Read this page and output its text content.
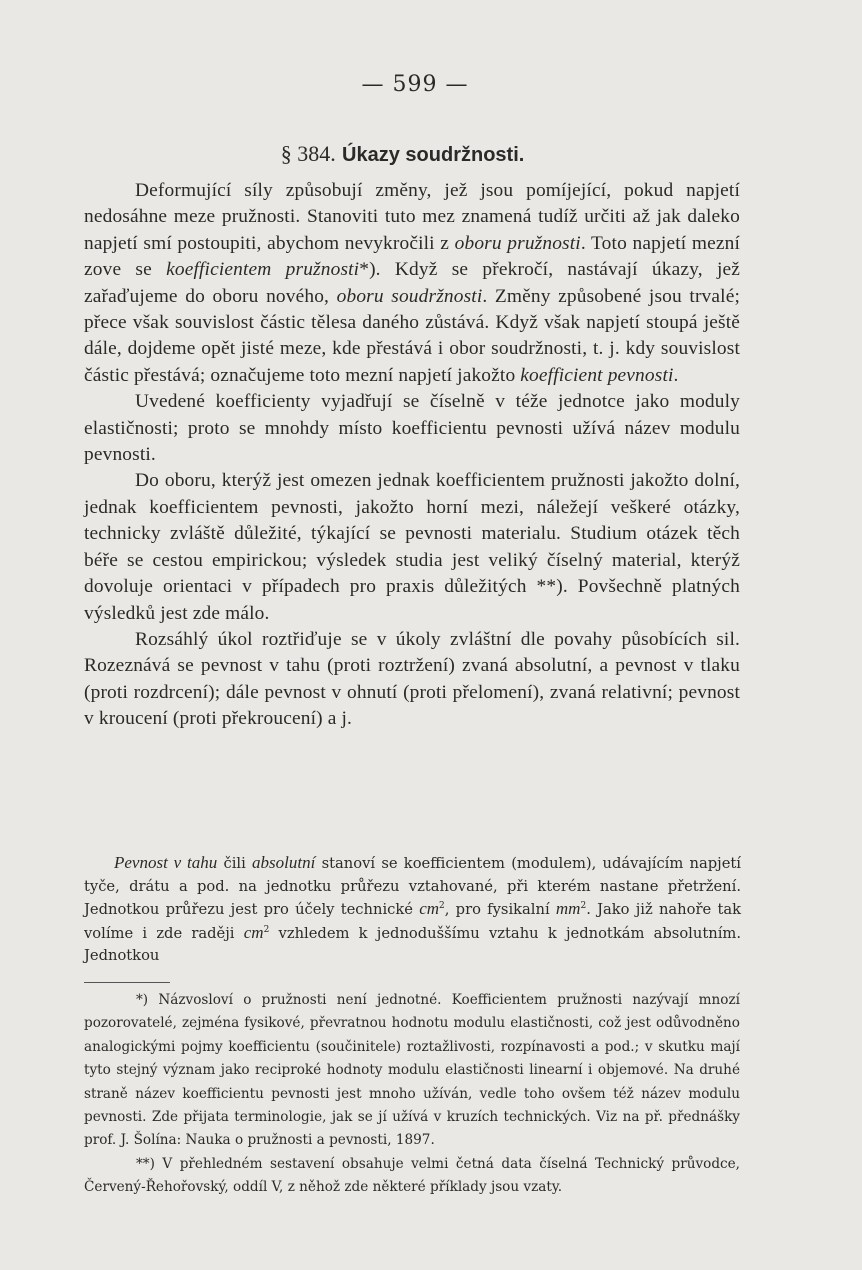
— 599 —
§ 384. Úkazy soudržnosti.

Deformující síly způsobují změny, jež jsou pomíjející, pokud napjetí nedosáhne meze pružnosti. Stanoviti tuto mez znamená tudíž určiti až jak daleko napjetí smí postoupiti, abychom nevykročili z oboru pružnosti. Toto napjetí mezní zove se koefficientem pružnosti*). Když se překročí, nastávají úkazy, jež zařaďujeme do oboru nového, oboru soudržnosti. Změny způsobené jsou trvalé; přece však souvislost částic tělesa daného zůstává. Když však napjetí stoupá ještě dále, dojdeme opět jisté meze, kde přestává i obor soudržnosti, t. j. kdy souvislost částic přestává; označujeme toto mezní napjetí jakožto koefficient pevnosti.

Uvedené koefficienty vyjadřují se číselně v téže jednotce jako moduly elastičnosti; proto se mnohdy místo koefficientu pevnosti užívá název modulu pevnosti.

Do oboru, kterýž jest omezen jednak koefficientem pružnosti jakožto dolní, jednak koefficientem pevnosti, jakožto horní mezi, náležejí veškeré otázky, technicky zvláště důležité, týkající se pevnosti materialu. Studium otázek těch béře se cestou empirickou; výsledek studia jest veliký číselný material, kterýž dovoluje orientaci v případech pro praxis důležitých **). Povšechně platných výsledků jest zde málo.

Rozsáhlý úkol roztřiďuje se v úkoly zvláštní dle povahy působících sil. Rozeznává se pevnost v tahu (proti roztržení) zvaná absolutní, a pevnost v tlaku (proti rozdrcení); dále pevnost v ohnutí (proti přelomení), zvaná relativní; pevnost v kroucení (proti překroucení) a j.

Pevnost v tahu čili absolutní stanoví se koefficientem (modulem), udávajícím napjetí tyče, drátu a pod. na jednotku průřezu vztahované, při kterém nastane přetržení. Jednotkou průřezu jest pro účely technické $cm^2$, pro fysikalní $mm^2$. Jako již nahoře tak volíme i zde raději $cm^2$ vzhledem k jednoduššímu vztahu k jednotkám absolutním. Jednotkou

*) Názvosloví o pružnosti není jednotné. Koefficientem pružnosti nazývají mnozí pozorovatelé, zejména fysikové, převratnou hodnotu modulu elastičnosti, což jest odůvodněno analogickými pojmy koefficientu (součinitele) roztažlivosti, rozpínavosti a pod.; v skutku mají tyto stejný význam jako reciproké hodnoty modulu elastičnosti linearní i objemové. Na druhé straně název koefficientu pevnosti jest mnoho užíván, vedle toho ovšem též název modulu pevnosti. Zde přijata terminologie, jak se jí užívá v kruzích technických. Viz na př. přednášky prof. J. Šolína: Nauka o pružnosti a pevnosti, 1897.

**) V přehledném sestavení obsahuje velmi četná data číselná Technický průvodce, Červený-Řehořovský, oddíl V, z něhož zde některé příklady jsou vzaty.
